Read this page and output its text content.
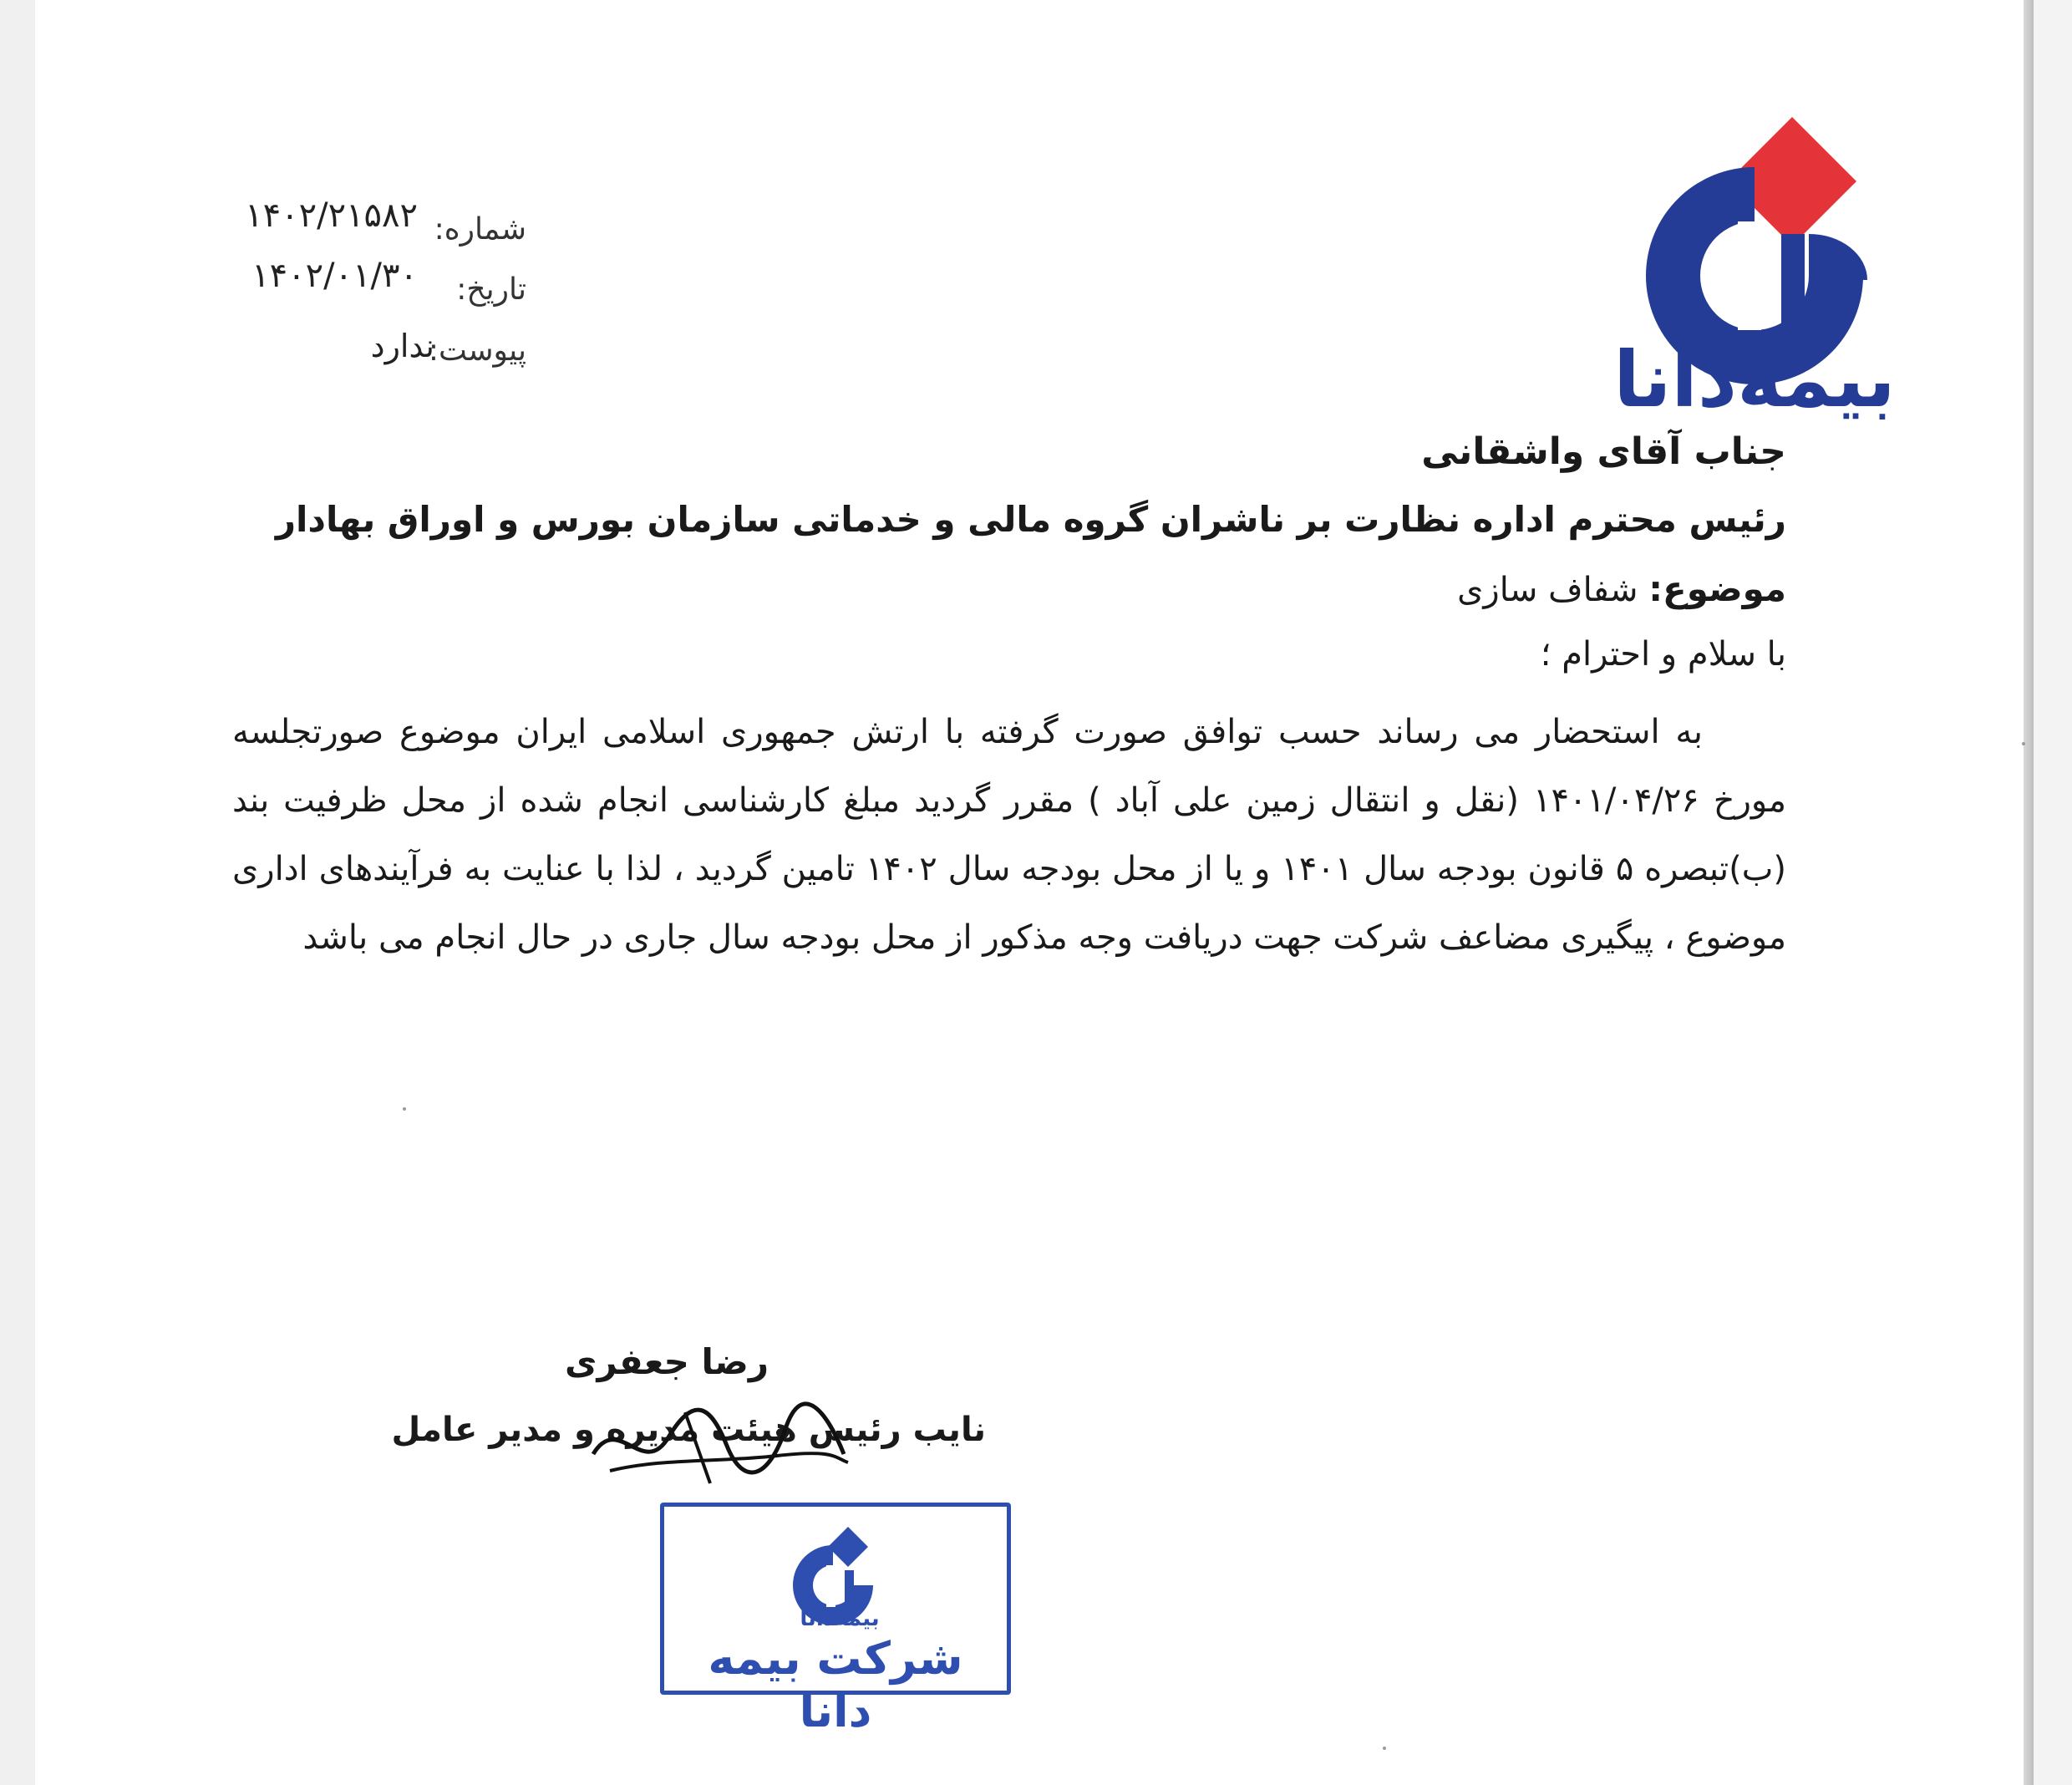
بیمه‌دانا
شماره:
۱۴۰۲/۲۱۵۸۲
تاریخ:
۱۴۰۲/۰۱/۳۰
پیوست:
ندارد
جناب آقای واشقانی
رئیس محترم اداره نظارت بر ناشران گروه مالی و خدماتی سازمان بورس و اوراق بهادار
موضوع: شفاف سازی
با سلام و احترام ؛

به استحضار می رساند حسب توافق صورت گرفته با ارتش جمهوری اسلامی ایران موضوع صورتجلسه مورخ ۱۴۰۱/۰۴/۲۶ (نقل و انتقال زمین علی آباد ) مقرر گردید مبلغ کارشناسی انجام شده از محل ظرفیت بند (ب)تبصره ۵ قانون بودجه سال ۱۴۰۱ و یا از محل بودجه سال ۱۴۰۲ تامین گردید ، لذا با عنایت به فرآیندهای اداری موضوع ، پیگیری مضاعف شرکت جهت دریافت وجه مذکور از محل بودجه سال جاری در حال انجام می باشد

رضا جعفری
نایب رئیس هیئت مدیره و مدیر عامل
بیمه‌دانا
شرکت بیمه دانا
